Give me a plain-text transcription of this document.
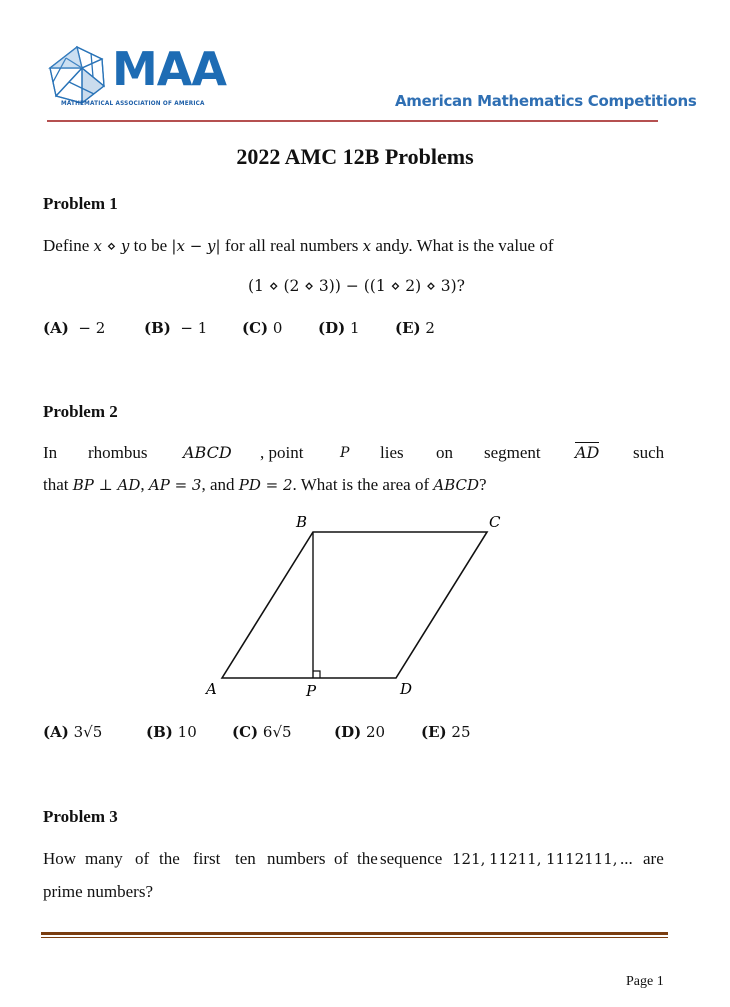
MAA
MATHEMATICAL ASSOCIATION OF AMERICA	American Mathematics Competitions
2022 AMC 12B Problems
Problem 1
Define x ⋄ y to be |x − y| for all real numbers x andy. What is the value of
(1 ⋄ (2 ⋄ 3)) − ((1 ⋄ 2) ⋄ 3)?
(A) − 2	(B) − 1 (C) 0 (D) 1 (E) 2
Problem 2
In rhombus ABCD , point	P lies on segment AD such
that BP ⊥ AD, AP = 3, and PD = 2. What is the area of ABCD?
B	C
A	P	D
(A) 3√5	(B) 10 (C) 6√5	(D) 20 (E) 25
Problem 3
How many of the first ten numbers of the sequence 121, 11211, 1112111, ... are
prime numbers?
Page 1
